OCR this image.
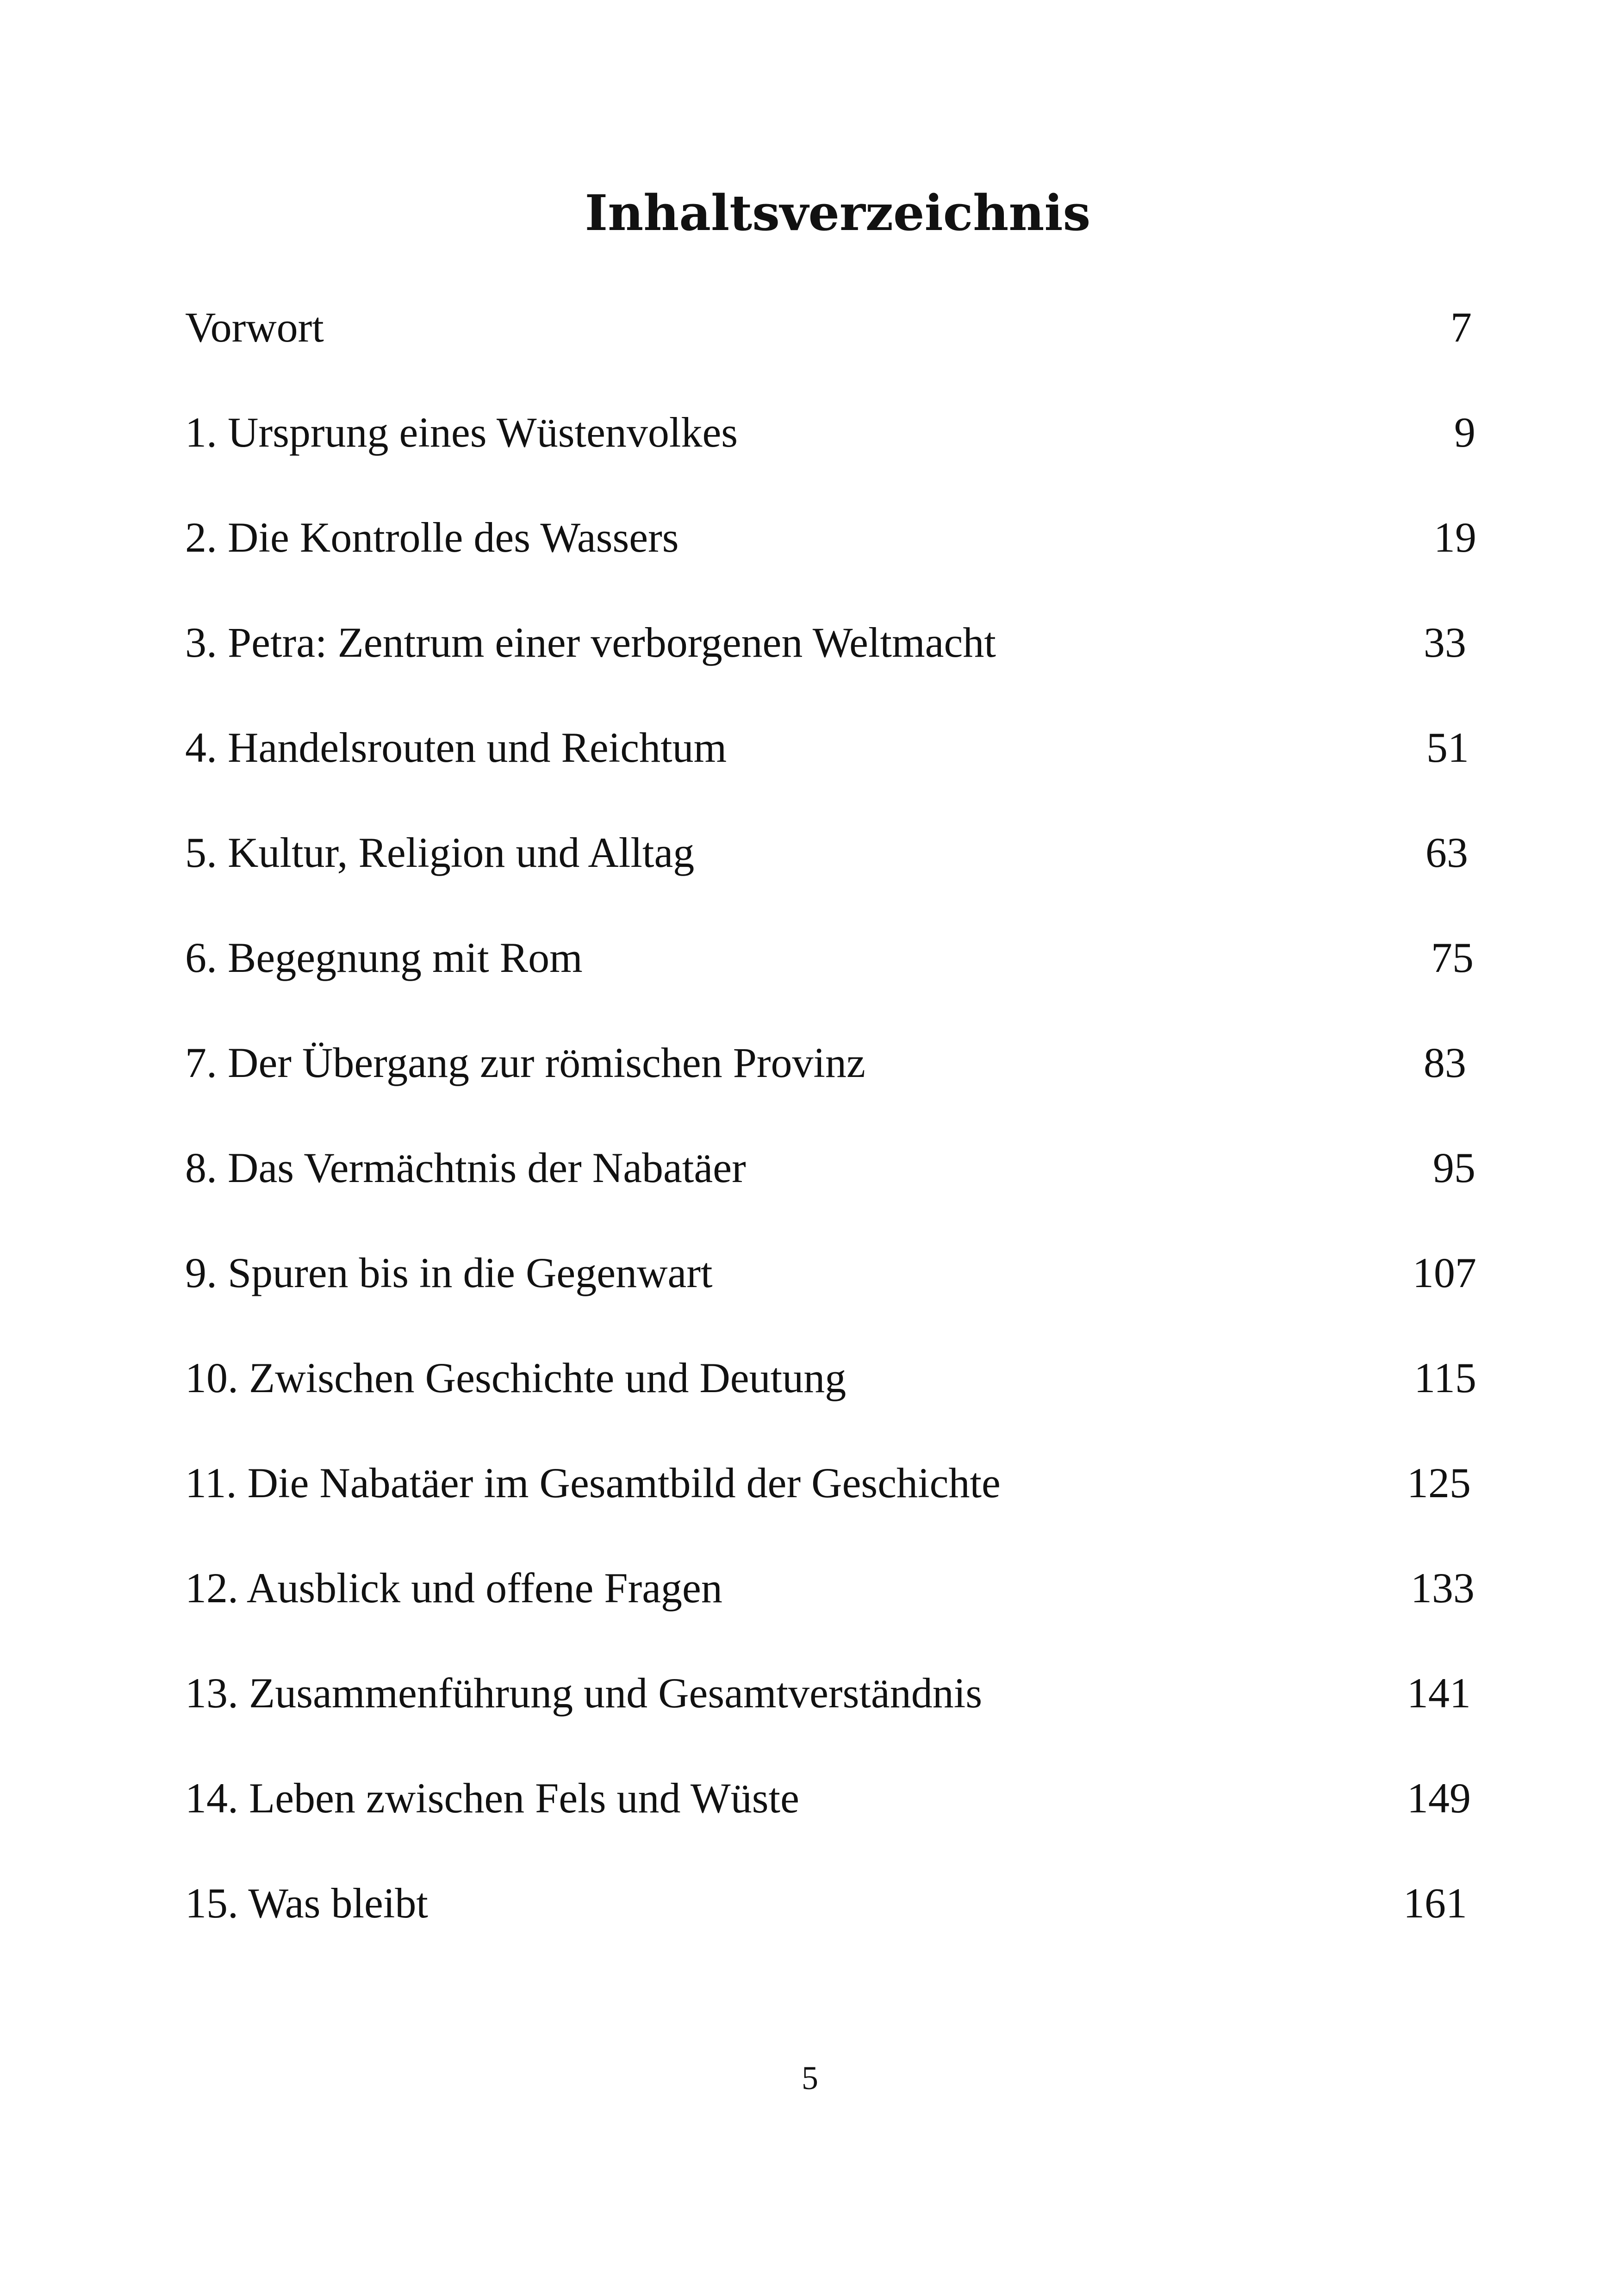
Inhaltsverzeichnis
Vorwort	7
1. Ursprung eines Wüstenvolkes	9
2. Die Kontrolle des Wassers	19
3. Petra: Zentrum einer verborgenen Weltmacht	33
4. Handelsrouten und Reichtum	51
5. Kultur, Religion und Alltag	63
6. Begegnung mit Rom	75
7. Der Übergang zur römischen Provinz	83
8. Das Vermächtnis der Nabatäer	95
9. Spuren bis in die Gegenwart	107
10. Zwischen Geschichte und Deutung	115
11. Die Nabatäer im Gesamtbild der Geschichte	125
12. Ausblick und offene Fragen	133
13. Zusammenführung und Gesamtverständnis	141
14. Leben zwischen Fels und Wüste	149
15. Was bleibt	161
5
